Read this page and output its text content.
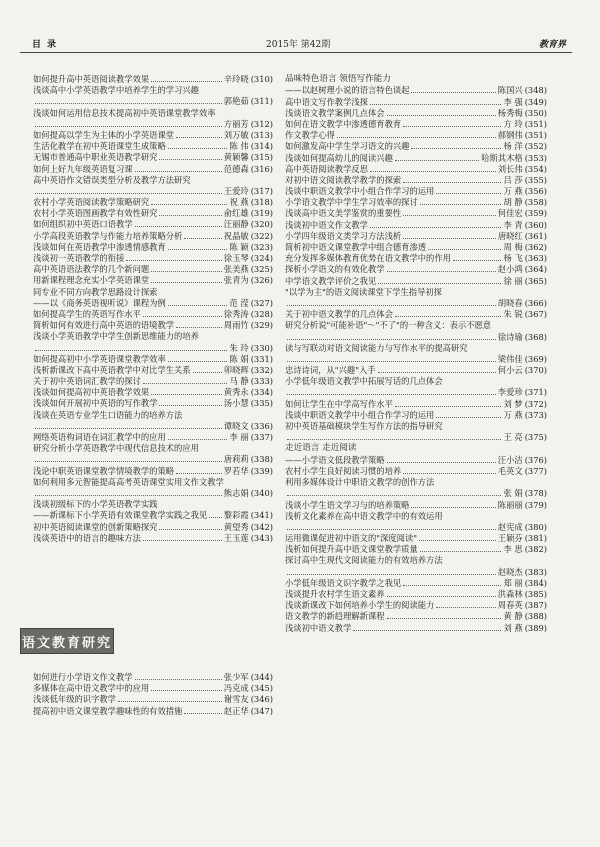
目录	2015年 第42期	教育界
如何提升高中英语阅读教学效果	辛玲晓 (310)
浅谈高中小学英语教学中培养学生的学习兴趣
郭艳茹 (311)
浅谈如何运用信息技术提高初中英语课堂教学效率
方丽芳 (312)
如何提高以学生为主体的小学英语课堂	刘万敏 (313)
生活化教学在初中英语课堂生成策略	陈 伟 (314)
无锡市普通高中职业英语教学研究	黄颖馨 (315)
如何上好九年级英语复习课	范德森 (316)
高中英语作文错误类型分析及教学方法研究
王爱玲 (317)
农村小学英语阅读教学策略研究	祝 燕 (318)
农村小学英语图画教学有效性研究	俞红雄 (319)
如何组织初中英语口语教学	汪丽静 (320)
小学高段英语教学与作能力培养策略分析	祝晶敏 (322)
浅谈如何在英语教学中渗透情感教育	陈 颖 (323)
浅谈初一英语教学的衔接	徐玉琴 (324)
高中英语语法教学的几个新问题	张美燕 (325)
用新课程理念充实小学英语课堂	张青为 (326)
同专业不同方向教学思路设计探索
——以《商务英语视听说》课程为例	范 滢 (327)
如何提高学生的英语写作水平	徐秀涛 (328)
简析如何有效进行高中英语的语境教学	周雨竹 (329)
浅谈小学英语教学中学生创新思维能力的培养
朱 玲 (330)
如何提高初中小学英语课堂教学效率	陈 娟 (331)
浅析新课改下高中英语教学中对比学生关系	卯晓辉 (332)
关于初中英语词汇教学的探讨	马 静 (333)
浅谈如何提高初中英语教学效果	黄秀永 (334)
浅谈如何开展初中英语的写作教学	汤小慧 (335)
浅谈在英语专业学生口语能力的培养方法
谭晓文 (336)
网络英语构词语在词汇教学中的应用	李 丽 (337)
研究分析小学英语教学中现代信息技术的应用
唐莉莉 (338)
浅论中职英语课堂教学情境教学的策略	罗若华 (339)
如何利用多元智能提高高考英语课堂实用文作文教学
熊志娟 (340)
浅谈初级标下的小学英语教学实践
——新课标下小学英语有效课堂教学实践之我见 黎彩霞 (341)
初中英语阅读课堂的创新策略探究	黄望秀 (342)
浅谈英语中的语言的趣味方法	王玉莲 (343)
语文教育研究
如何进行小学语文作文教学	张少军 (344)
多媒体在高中语文教学中的应用	冯克成 (345)
浅谈低年级的识字教学	谢雪友 (346)
提高初中语文课堂教学趣味性的有效措施	赵正华 (347)
品味特色语言 领悟写作能力
——以赵树理小说的语言特色谈起	陈国兴 (348)
高中语文写作教学浅探	李 强 (349)
浅谈语文教学案例几点体会	杨秀梅 (350)
如何在语文教学中渗透德育教育	方 玲 (351)
作文教学心得	郝钢伟 (351)
如何激发高中学生学习语文的兴趣	杨 洋 (352)
浅谈如何提高幼儿的阅读兴趣	哈斯其木格 (353)
高中英语阅读教学反思	刘长伟 (354)
对初中语文阅读教学教学的探索	吕 莎 (355)
浅谈中职语文教学中小组合作学习的运用	万 燕 (356)
小学语文教学中学生学习效率的探讨	胡 静 (358)
浅谈高中语文美学鉴赏的重要性	何佳宏 (359)
浅谈初中语文作文教学	李 青 (360)
小学四年级语文类学习方法浅析	唐晓红 (361)
简析初中语文课堂教学中组合德育渗透	周 梅 (362)
充分发挥多媒体教育优势在语文教学中的作用	杨 飞 (363)
探析小学语文的有效化教学	赵小鸿 (364)
中学语文教学评价之我见	徐 丽 (365)
"以学为主"的语文阅读课堂下学生指导初探
胡晓春 (366)
关于初中语文教学的几点体会	朱 锐 (367)
研究分析说"可能补语"～"不了"的一种含义：表示不愿意
徐诗瑜 (368)
读与写联动对语文阅读能力与写作水平的提高研究
梁伟佳 (369)
忠诗诗词，从"兴趣"入手	何小云 (370)
小学低年级语文教学中拓展写话的几点体会
李爱珍 (371)
如何让学生在中学高写作水平	刘 梦 (372)
浅谈中职语文教学中小组合作学习的运用	万 燕 (373)
初中英语基础模块学生写作方法的指导研究
王 亮 (375)
走近语言 走近阅读
——小学语文低段教学策略	汪小洁 (376)
农村小学生良好阅读习惯的培养	毛英文 (377)
利用多媒体设计中职语文教学的创作方法
张 娟 (378)
浅谈小学生语文学习与的培养策略	陈丽丽 (379)
浅析文化素养在高中语文教学中的有效运用
赵宪成 (380)
运用微课促进初中语文的"深度阅读"	王颖芬 (381)
浅析如何提升高中语文课堂教学质量	李 思 (382)
探讨高中生现代文阅读能力的有效培养方法
赵晓杰 (383)
小学低年级语文识字教学之我见	郑 丽 (384)
浅谈提升农村学生语文素养	洪森林 (385)
浅谈新课改下如何培养小学生的阅读能力	周春英 (387)
语文教学的新趋理解新课程	黄 静 (388)
浅谈初中语文教学	刘 燕 (389)
